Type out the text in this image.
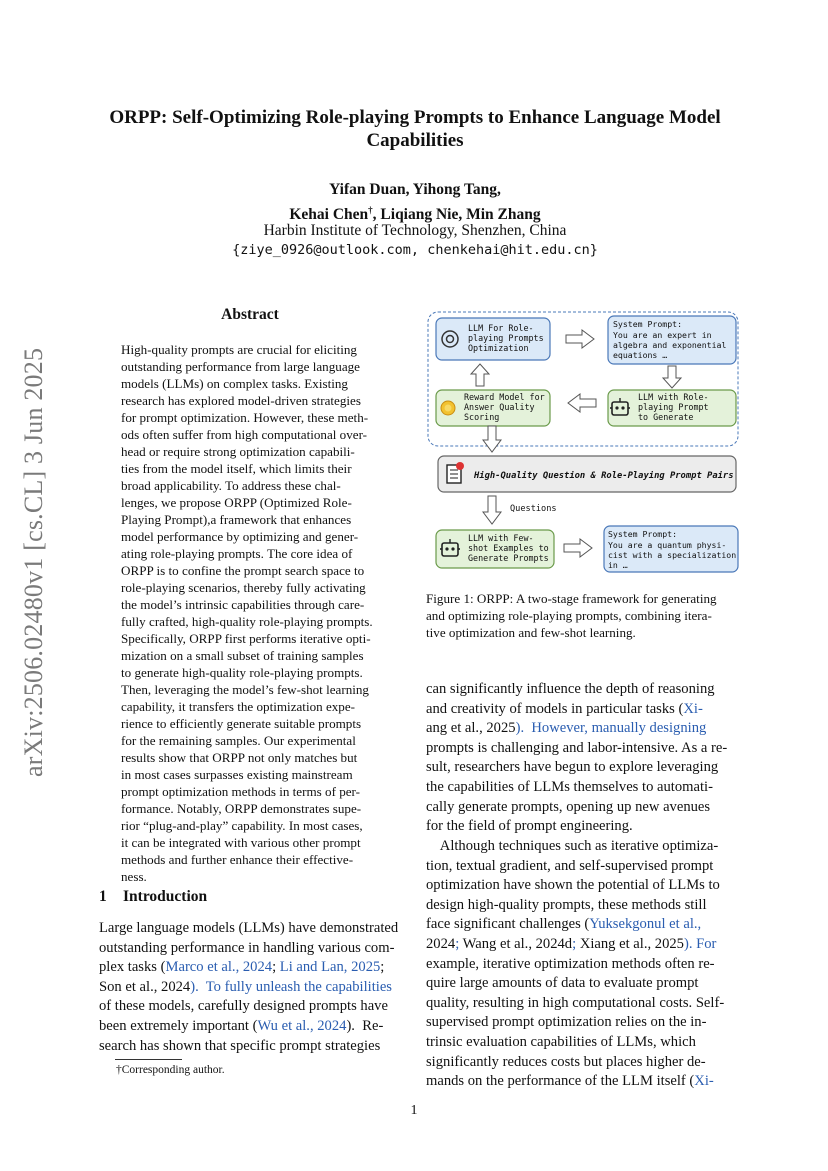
arXiv:2506.02480v1 [cs.CL] 3 Jun 2025
ORPP: Self-Optimizing Role-playing Prompts to Enhance Language Model
Capabilities
Yifan Duan, Yihong Tang,
Kehai Chen†, Liqiang Nie, Min Zhang
Harbin Institute of Technology, Shenzhen, China
{ziye_0926@outlook.com, chenkehai@hit.edu.cn}
Abstract
High-quality prompts are crucial for eliciting
outstanding performance from large language
models (LLMs) on complex tasks. Existing
research has explored model-driven strategies
for prompt optimization. However, these meth-
ods often suffer from high computational over-
head or require strong optimization capabili-
ties from the model itself, which limits their
broad applicability. To address these chal-
lenges, we propose ORPP (Optimized Role-
Playing Prompt),a framework that enhances
model performance by optimizing and gener-
ating role-playing prompts. The core idea of
ORPP is to confine the prompt search space to
role-playing scenarios, thereby fully activating
the model’s intrinsic capabilities through care-
fully crafted, high-quality role-playing prompts.
Specifically, ORPP first performs iterative opti-
mization on a small subset of training samples
to generate high-quality role-playing prompts.
Then, leveraging the model’s few-shot learning
capability, it transfers the optimization expe-
rience to efficiently generate suitable prompts
for the remaining samples. Our experimental
results show that ORPP not only matches but
in most cases surpasses existing mainstream
prompt optimization methods in terms of per-
formance. Notably, ORPP demonstrates supe-
rior “plug-and-play” capability. In most cases,
it can be integrated with various other prompt
methods and further enhance their effective-
ness.
1 Introduction
Large language models (LLMs) have demonstrated
outstanding performance in handling various com-
plex tasks (Marco et al., 2024; Li and Lan, 2025;
Son et al., 2024).  To fully unleash the capabilities
of these models, carefully designed prompts have
been extremely important (Wu et al., 2024).  Re-
search has shown that specific prompt strategies
†Corresponding author.
can significantly influence the depth of reasoning
and creativity of models in particular tasks (Xi-
ang et al., 2025).  However, manually designing
prompts is challenging and labor-intensive. As a re-
sult, researchers have begun to explore leveraging
the capabilities of LLMs themselves to automati-
cally generate prompts, opening up new avenues
for the field of prompt engineering.
Although techniques such as iterative optimiza-
tion, textual gradient, and self-supervised prompt
optimization have shown the potential of LLMs to
design high-quality prompts, these methods still
face significant challenges (Yuksekgonul et al.,
2024; Wang et al., 2024d; Xiang et al., 2025). For
example, iterative optimization methods often re-
quire large amounts of data to evaluate prompt
quality, resulting in high computational costs. Self-
supervised prompt optimization relies on the in-
trinsic evaluation capabilities of LLMs, which
significantly reduces costs but places higher de-
mands on the performance of the LLM itself (Xi-
1
LLM For Role-
playing Prompts
Optimization
System Prompt:
You are an expert in
algebra and exponential
equations …
Reward Model for
Answer Quality
Scoring
LLM with Role-
playing Prompt
to Generate
High-Quality Question & Role-Playing Prompt Pairs
Questions
LLM with Few-
shot Examples to
Generate Prompts
System Prompt:
You are a quantum physi-
cist with a specialization
in …
Figure 1: ORPP: A two-stage framework for generating
and optimizing role-playing prompts, combining itera-
tive optimization and few-shot learning.
